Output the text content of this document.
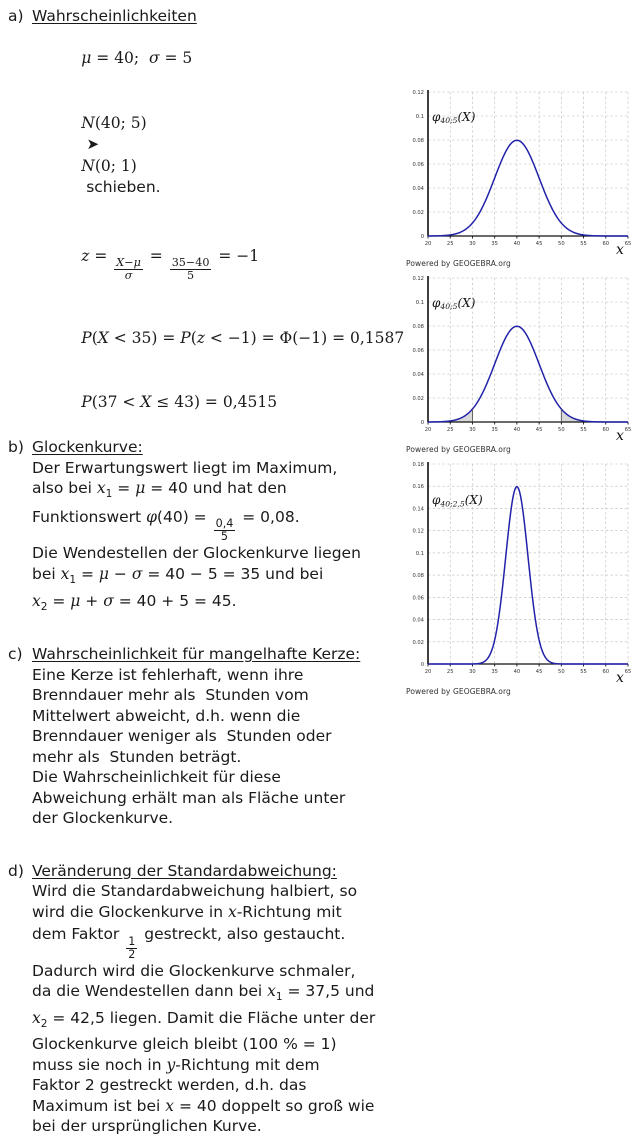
a) Wahrscheinlichkeiten

μ = 40;  σ = 5

N(40; 5)
➤
N(0; 1)
schieben.

z =
$\frac{X-\mu}{\sigma}$
=
$\frac{35-40}{5}$
= −1

P(X < 35) = P(z < −1) = Φ(−1) = 0,1587

P(37 < X ≤ 43) = 0,4515

b) Glockenkurve:
Der Erwartungswert liegt im Maximum,
also bei $x_1 = \mu = 40$ und hat den
Funktionswert φ(40) =
$\frac{0,4}{5}$
= 0,08.
Die Wendestellen der Glockenkurve liegen
bei $x_1 = \mu - \sigma = 40 - 5 = 35$ und bei
$x_2 = \mu + \sigma = 40 + 5 = 45$.
c) Wahrscheinlichkeit für mangelhafte Kerze:
Eine Kerze ist fehlerhaft, wenn ihre
Brenndauer mehr als  Stunden vom
Mittelwert abweicht, d.h. wenn die
Brenndauer weniger als  Stunden oder
mehr als  Stunden beträgt.
Die Wahrscheinlichkeit für diese
Abweichung erhält man als Fläche unter
der Glockenkurve.
d) Veränderung der Standardabweichung:
Wird die Standardabweichung halbiert, so
wird die Glockenkurve in x-Richtung mit
dem Faktor
$\frac{1}{2}$
gestreckt, also gestaucht.
Dadurch wird die Glockenkurve schmaler,
da die Wendestellen dann bei $x_1 = 37,5$ und
$x_2 = 42,5$ liegen. Damit die Fläche unter der
Glockenkurve gleich bleibt (100 % = 1)
muss sie noch in y-Richtung mit dem
Faktor 2 gestreckt werden, d.h. das
Maximum ist bei x = 40 doppelt so groß wie
bei der ursprünglichen Kurve.
20	25	30	35	40	45	50	55	60	65
0
0.02
0.04
0.06
0.08
0.1
0.12
x
φ40;5(X)
Powered by GEOGEBRA.org
20	25	30	35	40	45	50	55	60	65
0
0.02
0.04
0.06
0.08
0.1
0.12
x
φ40;5(X)
Powered by GEOGEBRA.org
20	25	30	35	40	45	50	55	60	65
0
0.02
0.04
0.06
0.08
0.1
0.12
0.14
0.16
0.18
x
φ40;2,5(X)
Powered by GEOGEBRA.org
